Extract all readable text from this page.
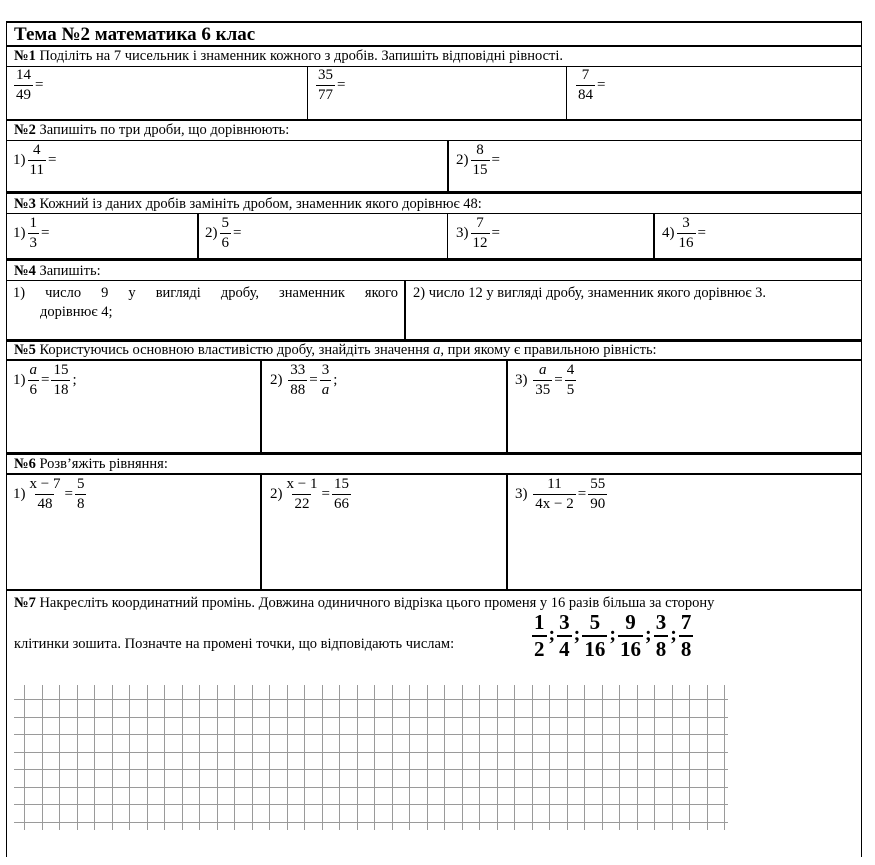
Тема №2 математика 6 клас
№1 Поділіть на 7 чисельник і знаменник кожного з дробів. Запишіть відповідні рівності.
$\frac{14}{49}$ =	$\frac{35}{77}$ =	$\frac{7}{84}$ =
№2 Запишіть по три дроби, що дорівнюють:
$1) \frac{4}{11}$ =	$2) \frac{8}{15}$ =
№3 Кожний із даних дробів замініть дробом, знаменник якого дорівнює 48:
$1) \frac{1}{3}$ =	$2) \frac{5}{6}$ =	$3) \frac{7}{12}$ =	$4) \frac{3}{16}$ =
№4 Запишіть:
1) число 9 у вигляді дробу, знаменник якого
дорівнює 4;
2) число 12 у вигляді дробу, знаменник якого дорівнює 3.
№5 Користуючись основною властивістю дробу, знайдіть значення a, при якому є правильною рівність:
$1) \frac{a}{6} = \frac{15}{18}$ ;	$2) \frac{33}{88} = \frac{3}{a}$ ;	$3) \frac{a}{35} = \frac{4}{5}$
№6 Розв’яжіть рівняння:
$1) \frac{x - 7}{48} = \frac{5}{8}$	$2) \frac{x - 1}{22} = \frac{15}{66}$	$3) \frac{11}{4x - 2} = \frac{55}{90}$
№7 Накресліть координатний промінь. Довжина одиничного відрізка цього променя у 16 разів більша за сторону
клітинки зошита. Позначте на промені точки, що відповідають числам:	$\frac{1}{2}$ ; $\frac{3}{4}$ ; $\frac{5}{16}$ ; $\frac{9}{16}$ ; $\frac{3}{8}$ ; $\frac{7}{8}$
